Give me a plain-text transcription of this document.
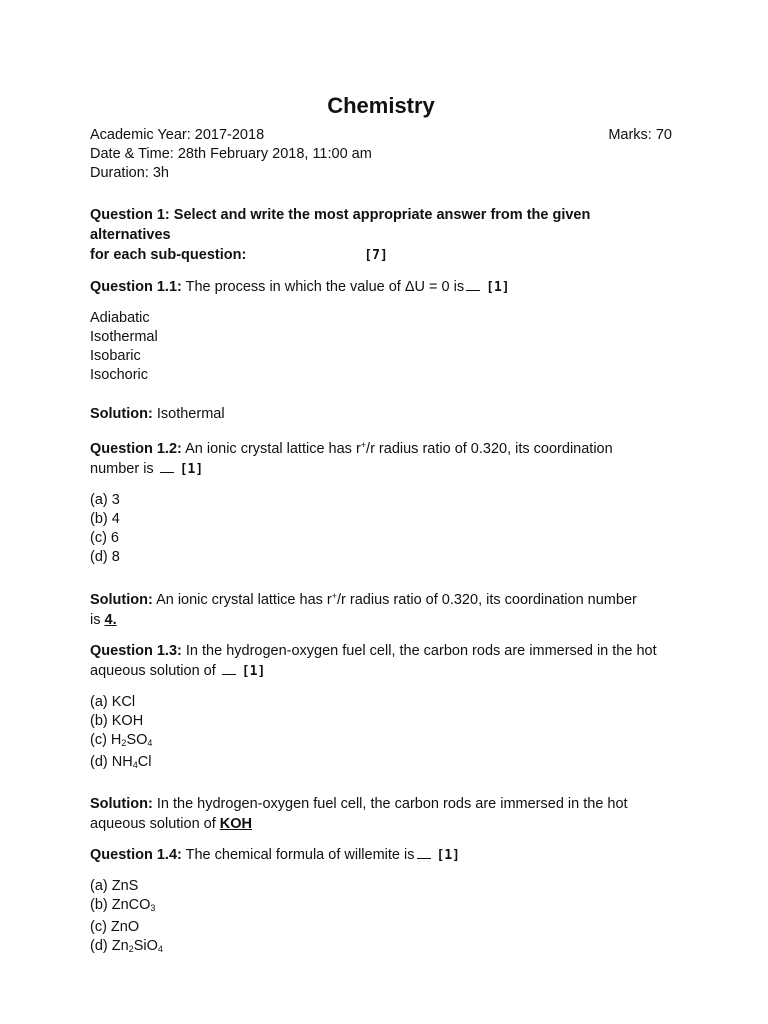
Chemistry
Academic Year: 2017-2018	Marks: 70
Date & Time: 28th February 2018, 11:00 am
Duration: 3h
Question 1: Select and write the most appropriate answer from the given alternatives
for each sub-question:	[7]
Question 1.1: The process in which the value of ΔU = 0 is [1]
Adiabatic
Isothermal
Isobaric
Isochoric
Solution: Isothermal
Question 1.2: An ionic crystal lattice has r+/r radius ratio of 0.320, its coordination
number is [1]
(a) 3
(b) 4
(c) 6
(d) 8
Solution: An ionic crystal lattice has r+/r radius ratio of 0.320, its coordination number
is 4.
Question 1.3: In the hydrogen-oxygen fuel cell, the carbon rods are immersed in the hot
aqueous solution of [1]
(a) KCl
(b) KOH
(c) $H_2SO_4$
(d) $NH_4Cl$
Solution: In the hydrogen-oxygen fuel cell, the carbon rods are immersed in the hot
aqueous solution of KOH
Question 1.4: The chemical formula of willemite is [1]
(a) ZnS
(b) ZnCO$_3$
(c) ZnO
(d) $Zn_2SiO_4$
